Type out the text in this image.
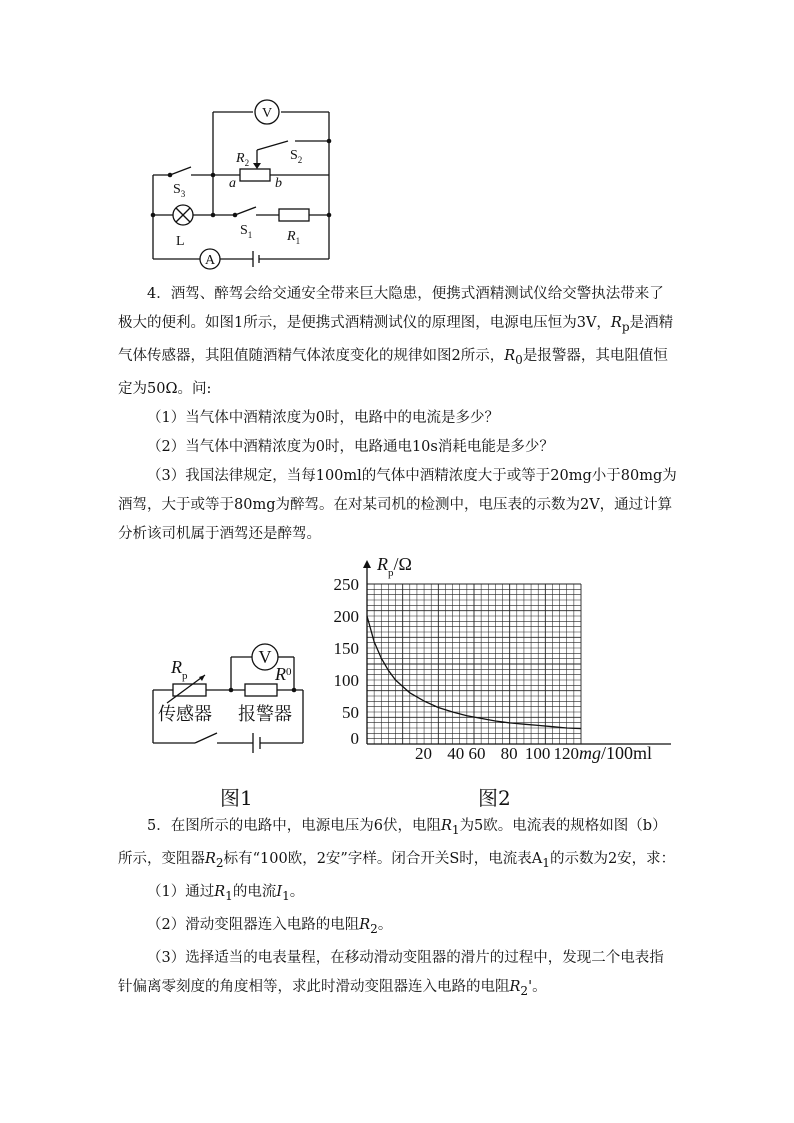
V
A
$R_2$	$S_2$
a	b
$S_3$
L
$S_1$ $R_1$

4．酒驾、醉驾会给交通安全带来巨大隐患，便携式酒精测试仪给交警执法带来了极大的便利。如图1所示，是便携式酒精测试仪的原理图，电源电压恒为3V，$R_p$是酒精气体传感器，其阻值随酒精气体浓度变化的规律如图2所示，$R_0$是报警器，其电阻值恒定为50Ω。问:

（1）当气体中酒精浓度为0时，电路中的电流是多少？

（2）当气体中酒精浓度为0时，电路通电10s消耗电能是多少？

（3）我国法律规定，当每100ml的气体中酒精浓度大于或等于20mg小于80mg为酒驾，大于或等于80mg为醉驾。在对某司机的检测中，电压表的示数为2V，通过计算分析该司机属于酒驾还是醉驾。

V
$R_p$	$R^0$
传感器 报警器
图1
0
50
100
150
200
250
20 40 60 80 100 120
$R_p/\Omega$
mg/100ml
图2

5．在图所示的电路中，电源电压为6伏，电阻$R_1$为5欧。电流表的规格如图（b）所示，变阻器$R_2$标有“100欧，2安”字样。闭合开关S时，电流表$A_1$的示数为2安，求：

（1）通过$R_1$的电流$I_1$。

（2）滑动变阻器连入电路的电阻$R_2$。

（3）选择适当的电表量程，在移动滑动变阻器的滑片的过程中，发现二个电表指针偏离零刻度的角度相等，求此时滑动变阻器连入电路的电阻$R_2'$。
